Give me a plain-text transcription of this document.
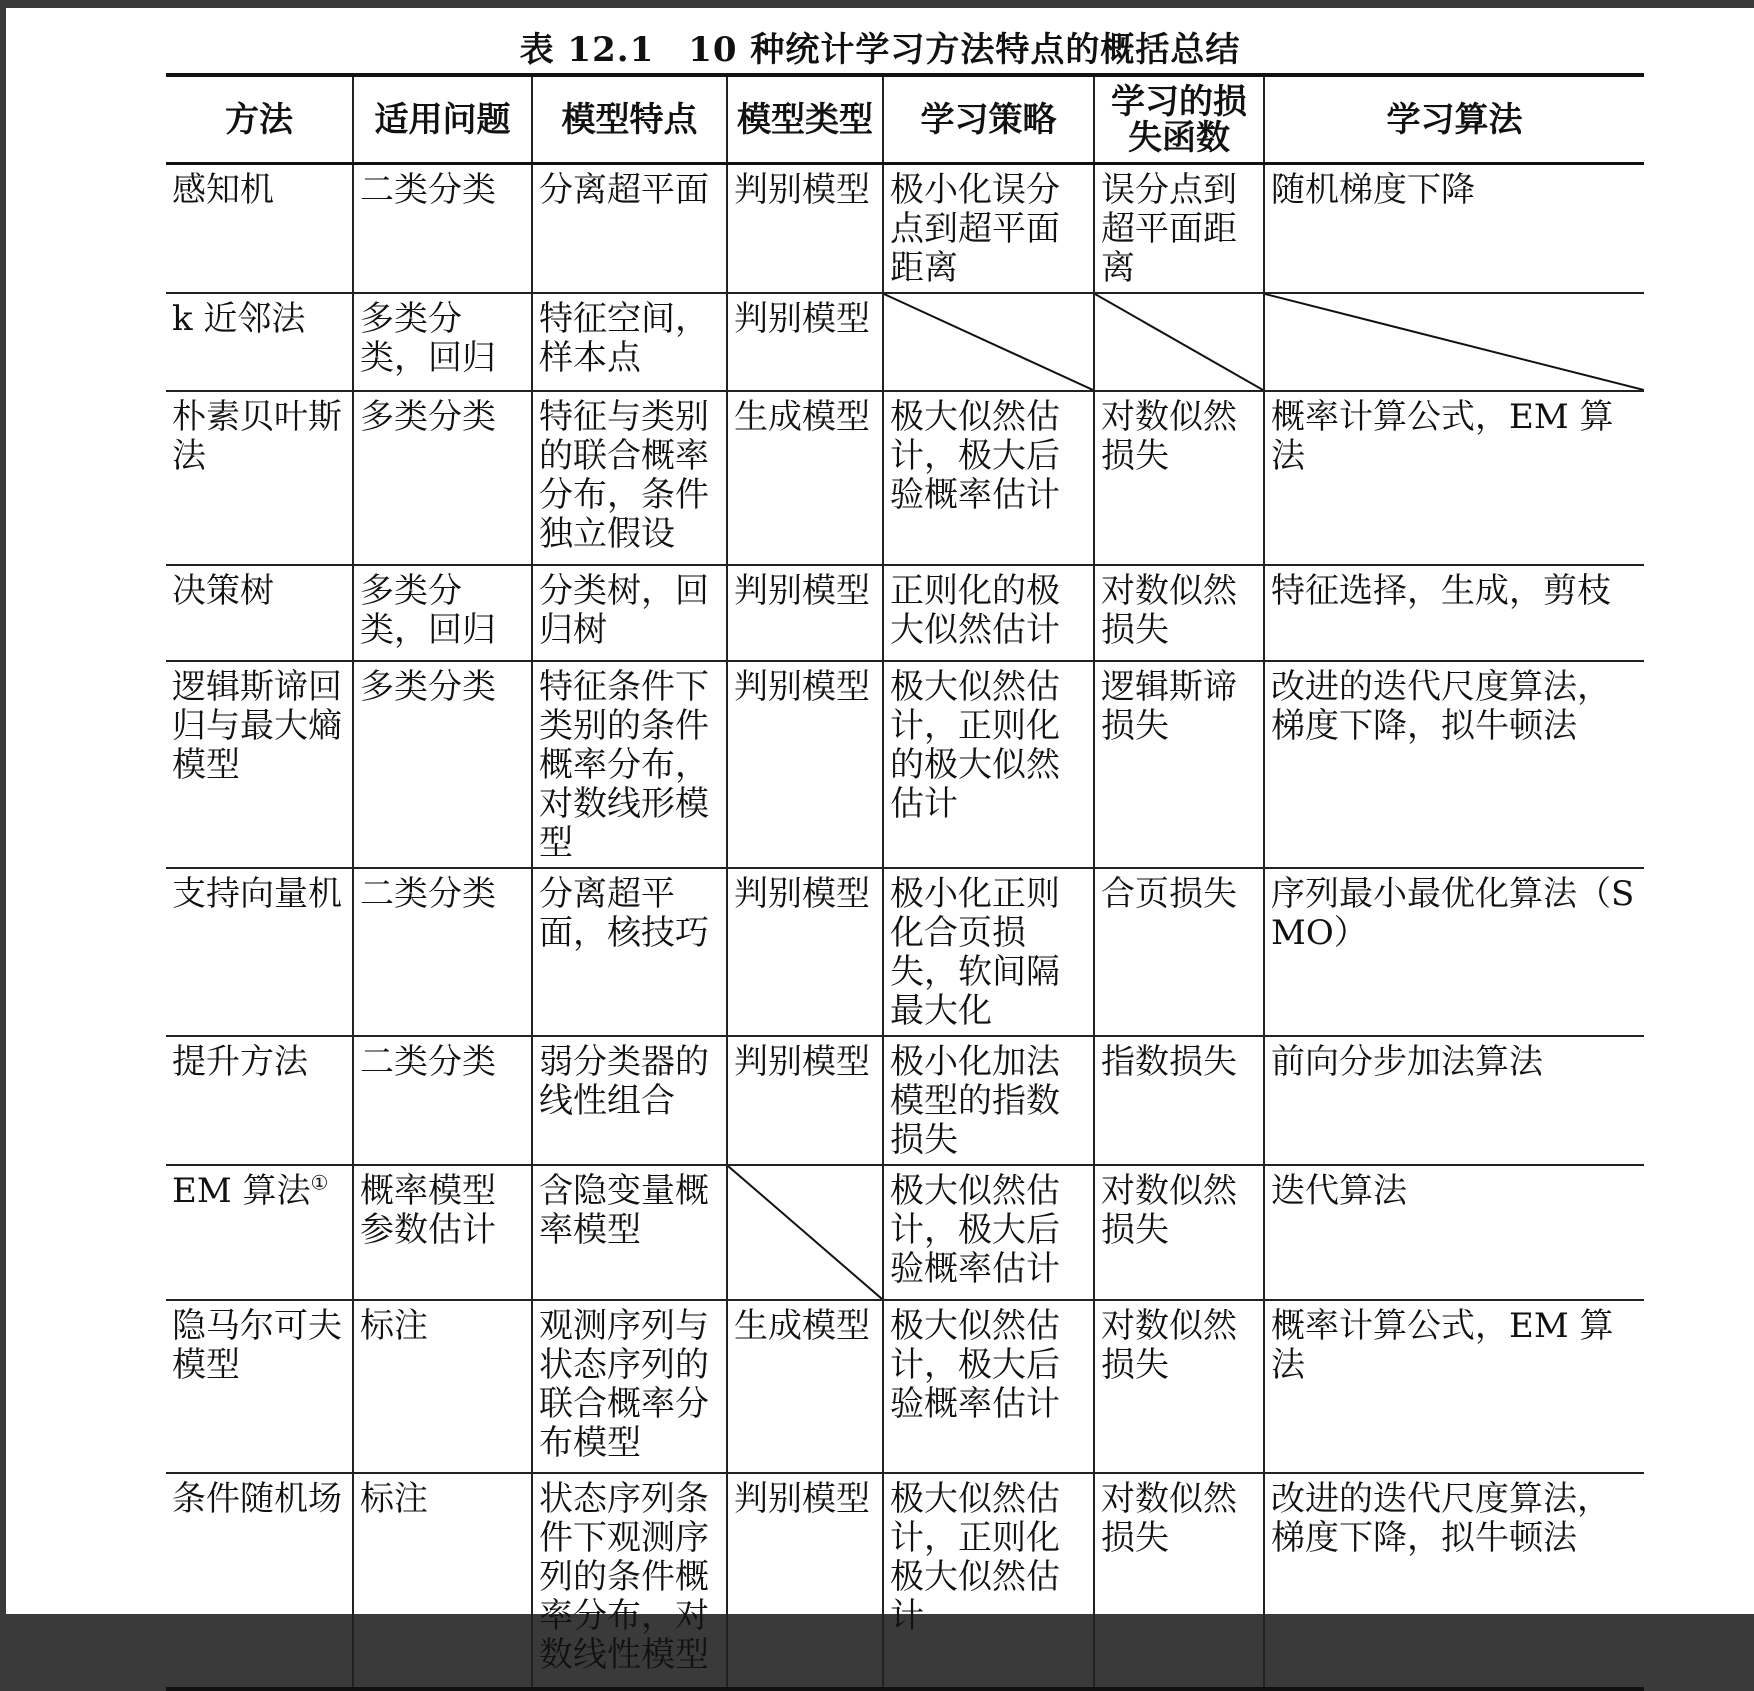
表 12.1 10 种统计学习方法特点的概括总结
方法	适用问题	模型特点	模型类型	学习策略	学习的损失函数	学习算法
感知机	二类分类	分离超平面	判别模型	极小化误分点到超平面距离	误分点到超平面距离	随机梯度下降
k 近邻法	多类分类，回归	特征空间，样本点	判别模型	

朴素贝叶斯法	多类分类	特征与类别的联合概率分布，条件独立假设	生成模型	极大似然估计，极大后验概率估计	对数似然损失	概率计算公式，EM 算法
决策树	多类分类，回归	分类树，回归树	判别模型	正则化的极大似然估计	对数似然损失	特征选择，生成，剪枝
逻辑斯谛回归与最大熵模型	多类分类	特征条件下类别的条件概率分布，对数线形模型	判别模型	极大似然估计，正则化的极大似然估计	逻辑斯谛损失	改进的迭代尺度算法，梯度下降，拟牛顿法
支持向量机	二类分类	分离超平面，核技巧	判别模型	极小化正则化合页损失，软间隔最大化	合页损失	序列最小最优化算法（SMO）
提升方法	二类分类	弱分类器的线性组合	判别模型	极小化加法模型的指数损失	指数损失	前向分步加法算法
EM 算法①	概率模型参数估计	含隐变量概率模型		极大似然估计，极大后验概率估计	对数似然损失	迭代算法
隐马尔可夫模型	标注	观测序列与状态序列的联合概率分布模型	生成模型	极大似然估计，极大后验概率估计	对数似然损失	概率计算公式，EM 算法
条件随机场	标注	状态序列条件下观测序列的条件概率分布，对数线性模型	判别模型	极大似然估计，正则化极大似然估计	对数似然损失	改进的迭代尺度算法，梯度下降，拟牛顿法
